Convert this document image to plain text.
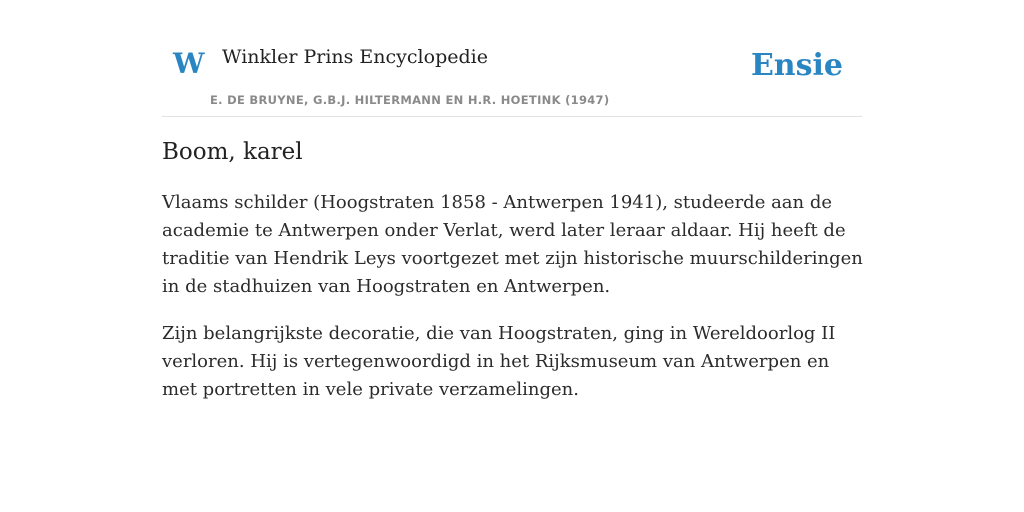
W Winkler Prins Encyclopedie
E. DE BRUYNE, G.B.J. HILTERMANN EN H.R. HOETINK (1947)
Ensie
Boom, karel

Vlaams schilder (Hoogstraten 1858 - Antwerpen 1941), studeerde aan de academie te Antwerpen onder Verlat, werd later leraar aldaar. Hij heeft de traditie van Hendrik Leys voortgezet met zijn historische muurschilderingen in de stadhuizen van Hoogstraten en Antwerpen.

Zijn belangrijkste decoratie, die van Hoogstraten, ging in Wereldoorlog II verloren. Hij is vertegenwoordigd in het Rijksmuseum van Antwerpen en met portretten in vele private verzamelingen.
